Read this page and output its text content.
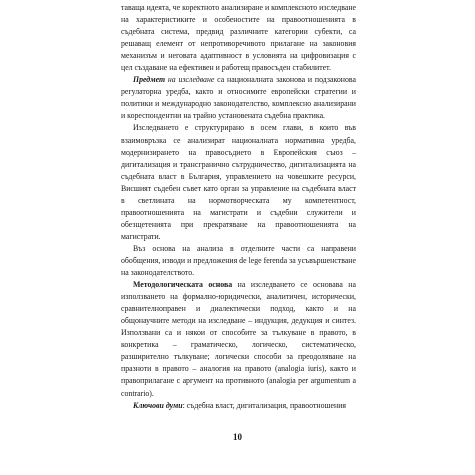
таваща идеята, че коректното анализиране и комплексното изследване на характеристиките и особеностите на правоотношенията в съдебната система, предвид различните категории субекти, са решаващ елемент от непротиворечивото прилагане на законовия механизъм и неговата адаптивност в условията на цифровизация с цел създаване на ефективен и работещ правосъден стабилитет.

Предмет на изследване са националната законова и подзаконова регулаторна уредба, както и относимите европейски стратегии и политики и международно законодателство, комплексно анализирани и кореспондентни на трайно установената съдебна практика.

Изследването е структурирано в осем глави, в които във взаимовръзка се анализират националната нормативна уредба, модернизирането на правосъдието в Европейския съюз – дигитализация и трансгранично сътрудничество, дигитализацията на съдебната власт в България, управлението на човешките ресурси, Висшият съдебен съвет като орган за управление на съдебната власт в светлината на нормотворческата му компетентност, правоотношенията на магистрати и съдебни служители и обезщетенията при прекратяване на правоотношенията на магистрати.

Въз основа на анализа в отделните части са направени обобщения, изводи и предложения de lege ferenda за усъвършенстване на законодателството.

Методологическата основа на изследването се основава на използването на формално-юридически, аналитичен, исторически, сравнителноправен и диалектически подход, както и на общонаучните методи на изследване – индукция, дедукция и синтез. Използвани са и някои от способите за тълкуване в правото, в конкретика – граматическо, логическо, систематическо, разширително тълкуване; логически способи за преодоляване на празноти в правото – аналогия на правото (analogia iuris), както и правоприлагане с аргумент на противното (analogia per argumentum a contrario).

Ключови думи: съдебна власт, дигитализация, правоотношения

10
